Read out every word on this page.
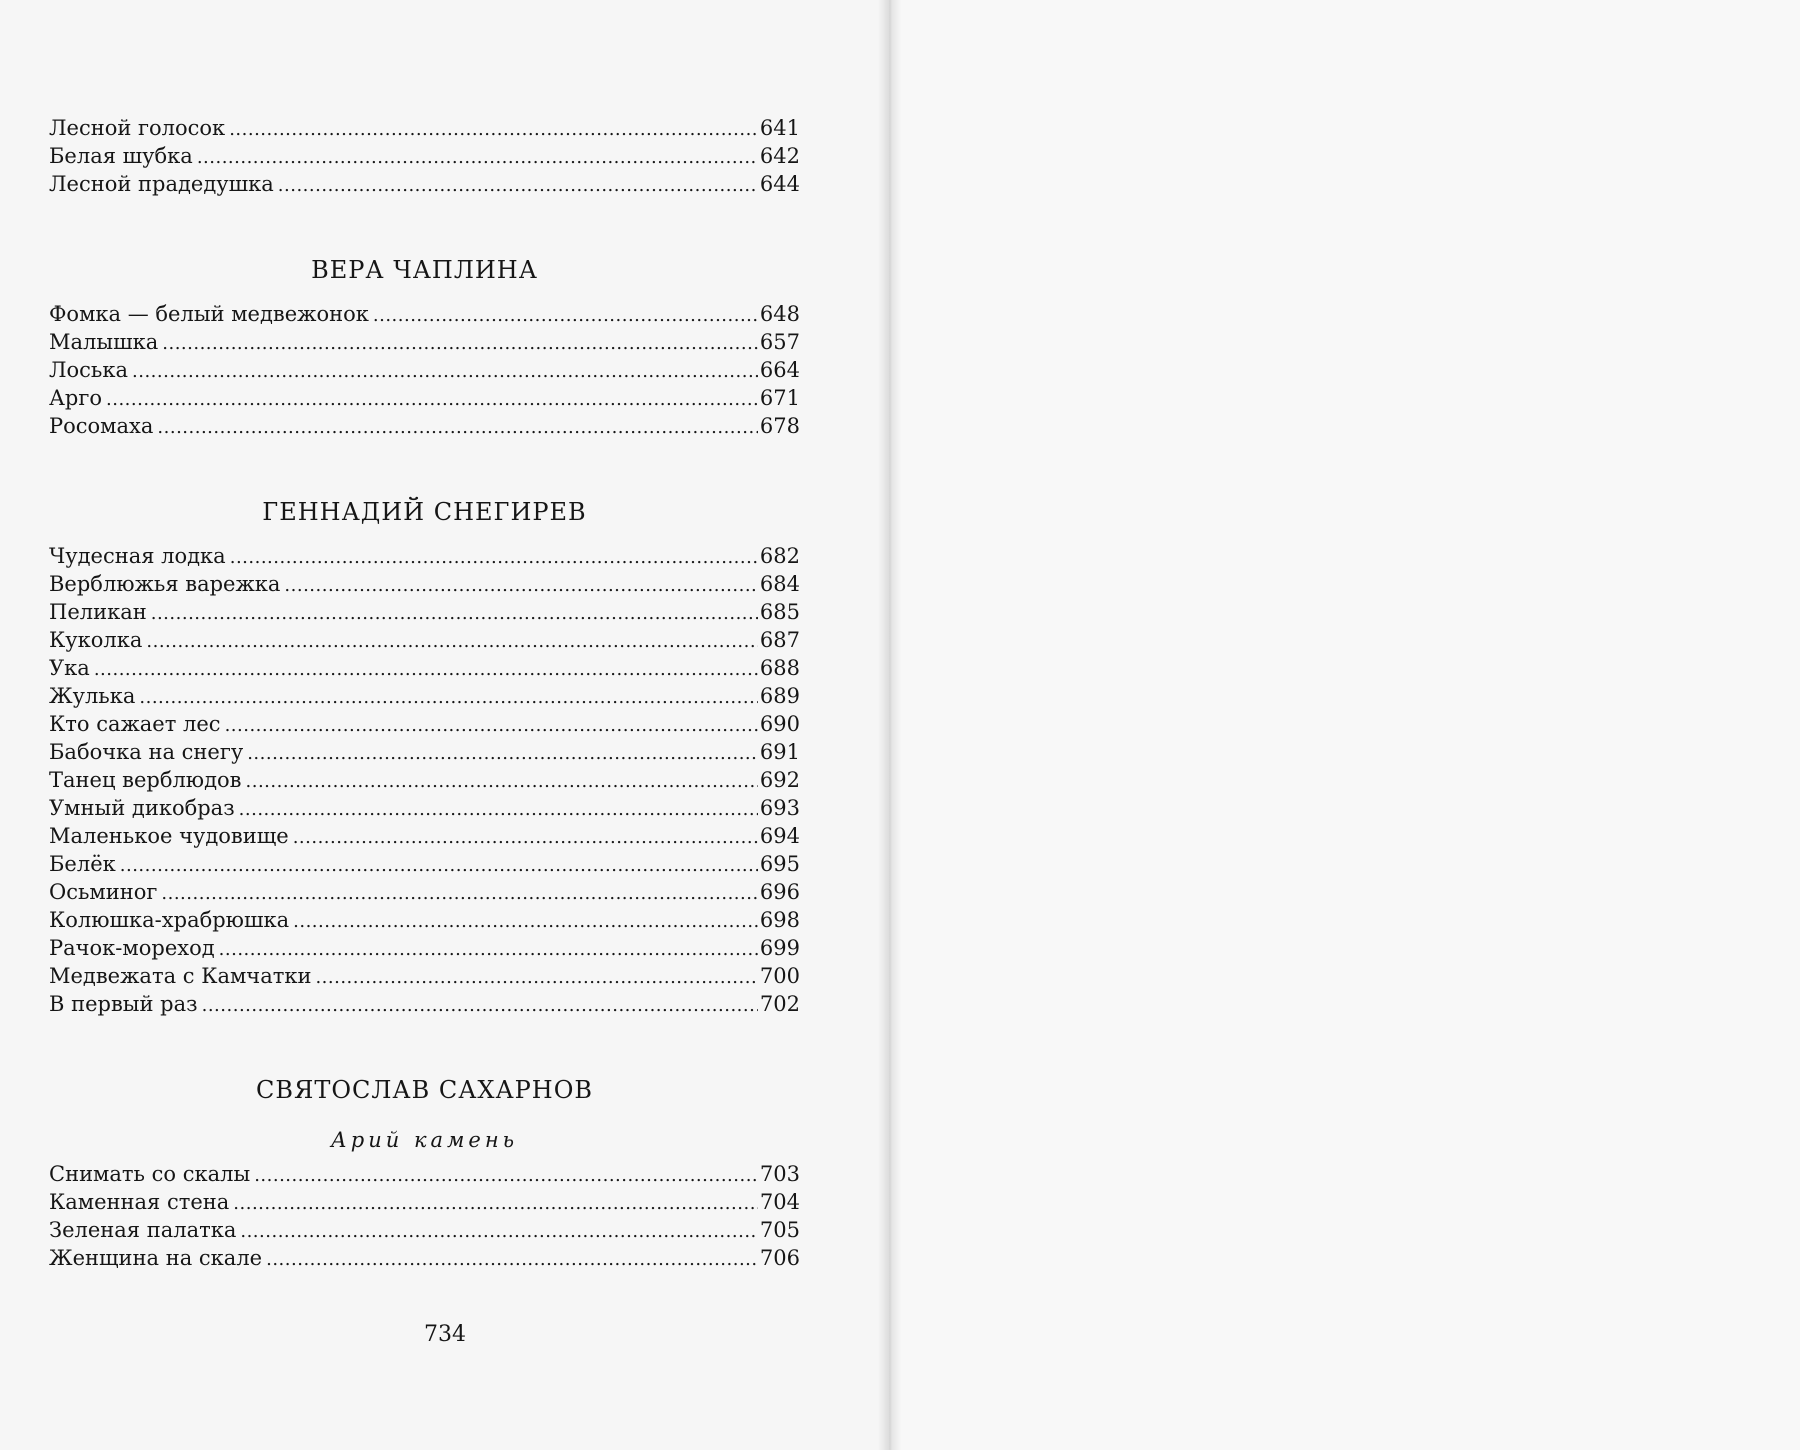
Лесной голосок .....	641
Белая шубка .....	642
Лесной прадедушка .....	644
ВЕРА ЧАПЛИНА
Фомка — белый медвежонок .....	648
Малышка .....	657
Лоська .....	664
Арго .....	671
Росомаха .....	678
ГЕННАДИЙ СНЕГИРЕВ
Чудесная лодка .....	682
Верблюжья варежка .....	684
Пеликан .....	685
Куколка .....	687
Ука .....	688
Жулька .....	689
Кто сажает лес .....	690
Бабочка на снегу .....	691
Танец верблюдов .....	692
Умный дикобраз .....	693
Маленькое чудовище .....	694
Белёк .....	695
Осьминог .....	696
Колюшка-храбрюшка .....	698
Рачок-мореход .....	699
Медвежата с Камчатки .....	700
В первый раз .....	702
СВЯТОСЛАВ САХАРНОВ
Арий камень
Снимать со скалы .....	703
Каменная стена .....	704
Зеленая палатка .....	705
Женщина на скале .....	706
734
